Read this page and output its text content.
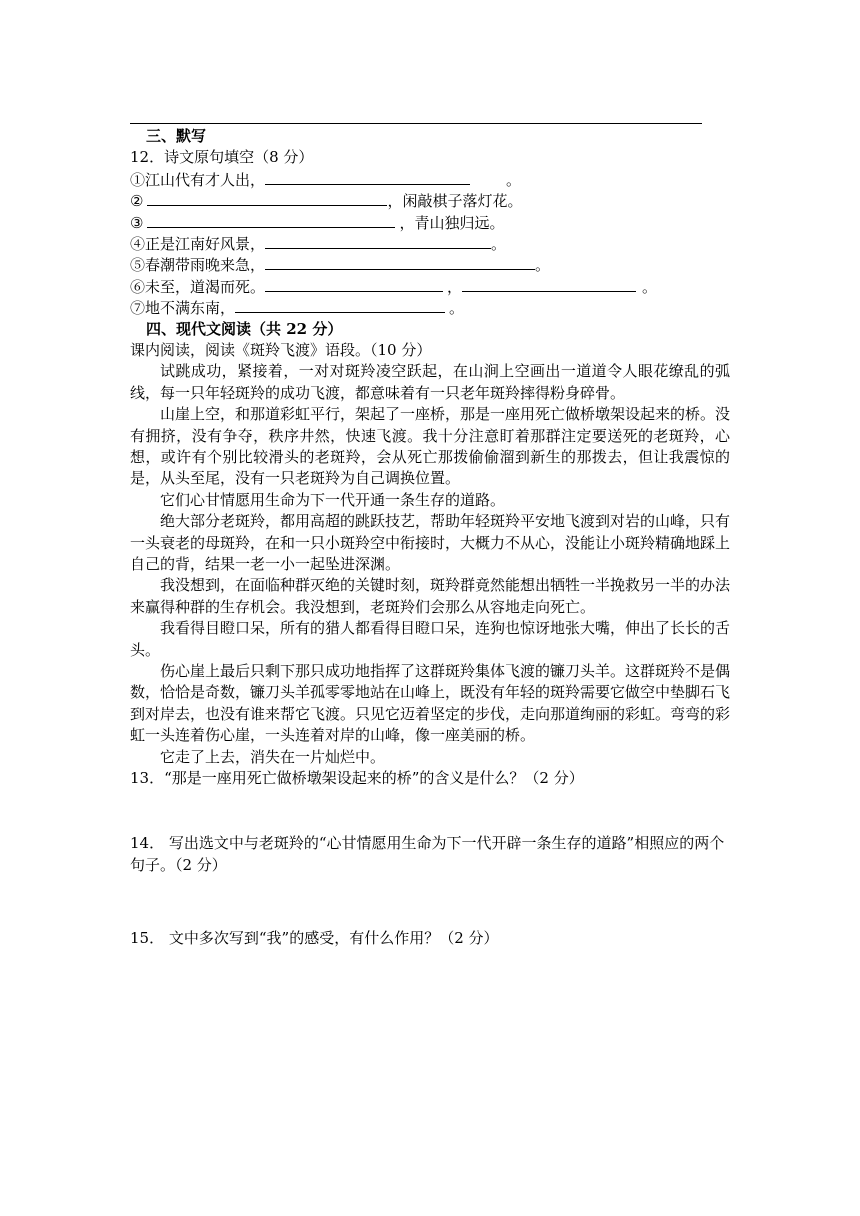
三、默写
12．诗文原句填空（8 分）
①江山代有才人出，	。
②	，闲敲棋子落灯花。
③	，青山独归远。
④正是江南好风景，	。
⑤春潮带雨晚来急，	。
⑥未至，道渴而死。	，	。
⑦地不满东南，	。
四、现代文阅读（共 22 分）
课内阅读，阅读《斑羚飞渡》语段。（10 分）

试跳成功，紧接着，一对对斑羚凌空跃起，在山涧上空画出一道道令人眼花缭乱的弧线，每一只年轻斑羚的成功飞渡，都意味着有一只老年斑羚摔得粉身碎骨。

山崖上空，和那道彩虹平行，架起了一座桥，那是一座用死亡做桥墩架设起来的桥。没有拥挤，没有争夺，秩序井然，快速飞渡。我十分注意盯着那群注定要送死的老斑羚，心想，或许有个别比较滑头的老斑羚，会从死亡那拨偷偷溜到新生的那拨去，但让我震惊的是，从头至尾，没有一只老斑羚为自己调换位置。

它们心甘情愿用生命为下一代开通一条生存的道路。

绝大部分老斑羚，都用高超的跳跃技艺，帮助年轻斑羚平安地飞渡到对岩的山峰，只有一头衰老的母斑羚，在和一只小斑羚空中衔接时，大概力不从心，没能让小斑羚精确地踩上自己的背，结果一老一小一起坠进深渊。

我没想到，在面临种群灭绝的关键时刻，斑羚群竟然能想出牺牲一半挽救另一半的办法来赢得种群的生存机会。我没想到，老斑羚们会那么从容地走向死亡。

我看得目瞪口呆，所有的猎人都看得目瞪口呆，连狗也惊讶地张大嘴，伸出了长长的舌头。

伤心崖上最后只剩下那只成功地指挥了这群斑羚集体飞渡的镰刀头羊。这群斑羚不是偶数，恰恰是奇数，镰刀头羊孤零零地站在山峰上，既没有年轻的斑羚需要它做空中垫脚石飞到对岸去，也没有谁来帮它飞渡。只见它迈着坚定的步伐，走向那道绚丽的彩虹。弯弯的彩虹一头连着伤心崖，一头连着对岸的山峰，像一座美丽的桥。

它走了上去，消失在一片灿烂中。

13．“那是一座用死亡做桥墩架设起来的桥”的含义是什么？（2 分）

14． 写出选文中与老斑羚的“心甘情愿用生命为下一代开辟一条生存的道路”相照应的两个句子。（2 分）

15． 文中多次写到“我”的感受，有什么作用？（2 分）
